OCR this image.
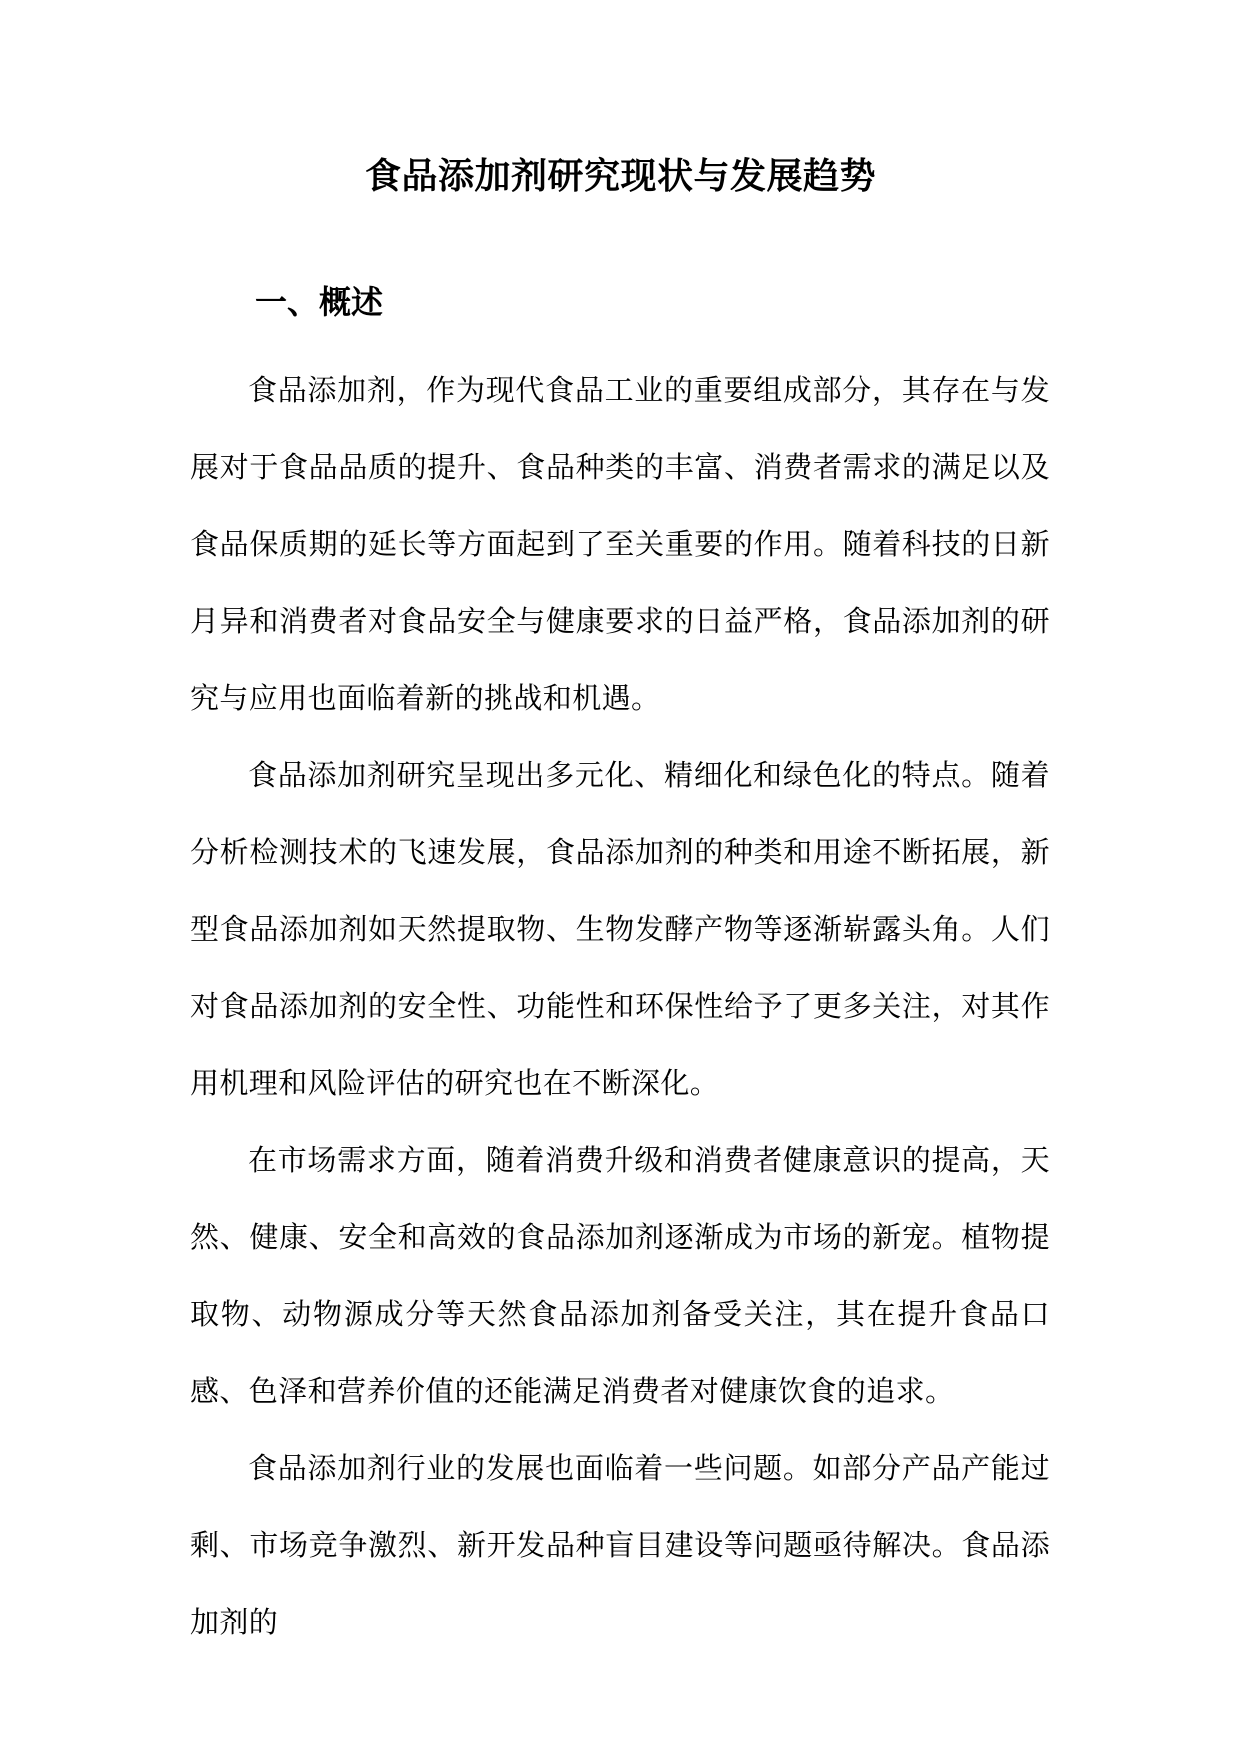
食品添加剂研究现状与发展趋势
一、概述

食品添加剂，作为现代食品工业的重要组成部分，其存在与发展对于食品品质的提升、食品种类的丰富、消费者需求的满足以及食品保质期的延长等方面起到了至关重要的作用。随着科技的日新月异和消费者对食品安全与健康要求的日益严格，食品添加剂的研究与应用也面临着新的挑战和机遇。

食品添加剂研究呈现出多元化、精细化和绿色化的特点。随着分析检测技术的飞速发展，食品添加剂的种类和用途不断拓展，新型食品添加剂如天然提取物、生物发酵产物等逐渐崭露头角。人们对食品添加剂的安全性、功能性和环保性给予了更多关注，对其作用机理和风险评估的研究也在不断深化。

在市场需求方面，随着消费升级和消费者健康意识的提高，天然、健康、安全和高效的食品添加剂逐渐成为市场的新宠。植物提取物、动物源成分等天然食品添加剂备受关注，其在提升食品口感、色泽和营养价值的还能满足消费者对健康饮食的追求。

食品添加剂行业的发展也面临着一些问题。如部分产品产能过剩、市场竞争激烈、新开发品种盲目建设等问题亟待解决。食品添加剂的
